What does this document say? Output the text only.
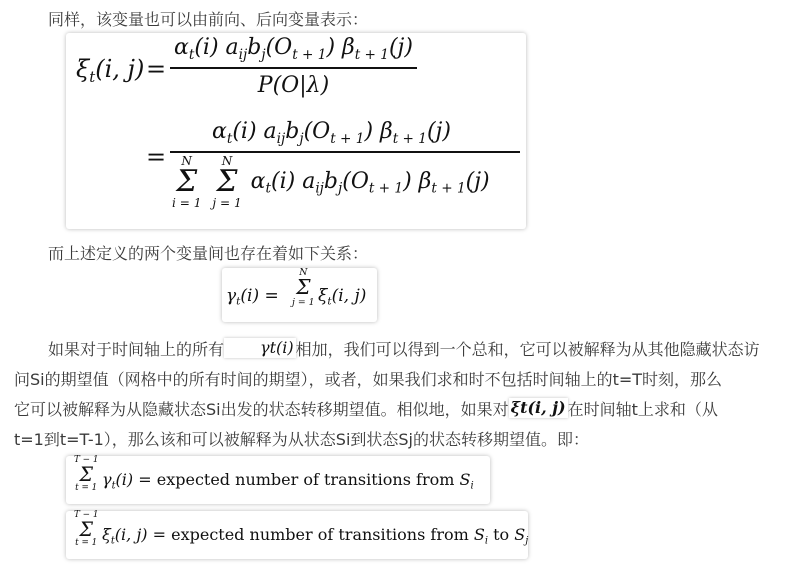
同样，该变量也可以由前向、后向变量表示：

$\xi_t(i$, j) =
$\alpha_t(i)$ $a_{ij}b_j(O_{t + 1})$ $\beta_{t + 1}(j)$
P(O|λ)
=
$\alpha_t(i)$ $a_{ij}b_j(O_{t + 1})$ $\beta_{t + 1}(j)$
N
Σ
i = 1

N
Σ
j = 1
$\alpha_t(i)$ $a_{ij}b_j(O_{t + 1})$ $\beta_{t + 1}(j)$

而上述定义的两个变量间也存在着如下关系：

$\gamma_t(i)$ =
N
Σ
j = 1 $\xi_t(i$, j)

如果对于时间轴上的所有 γt(i) 相加，我们可以得到一个总和，它可以被解释为从其他隐藏状态访

问Si的期望值（网格中的所有时间的期望），或者，如果我们求和时不包括时间轴上的t=T时刻，那么

它可以被解释为从隐藏状态Si出发的状态转移期望值。相似地，如果对 ξt(i, j) 在时间轴t上求和（从

t=1到t=T-1），那么该和可以被解释为从状态Si到状态Sj的状态转移期望值。即：

T − 1
Σ
t = 1 $\gamma_t(i)$ = expected number of transitions from $S_i$
T − 1
Σ
t = 1 $\xi_t(i$, j) = expected number of transitions from $S_i$ to $S_j$
